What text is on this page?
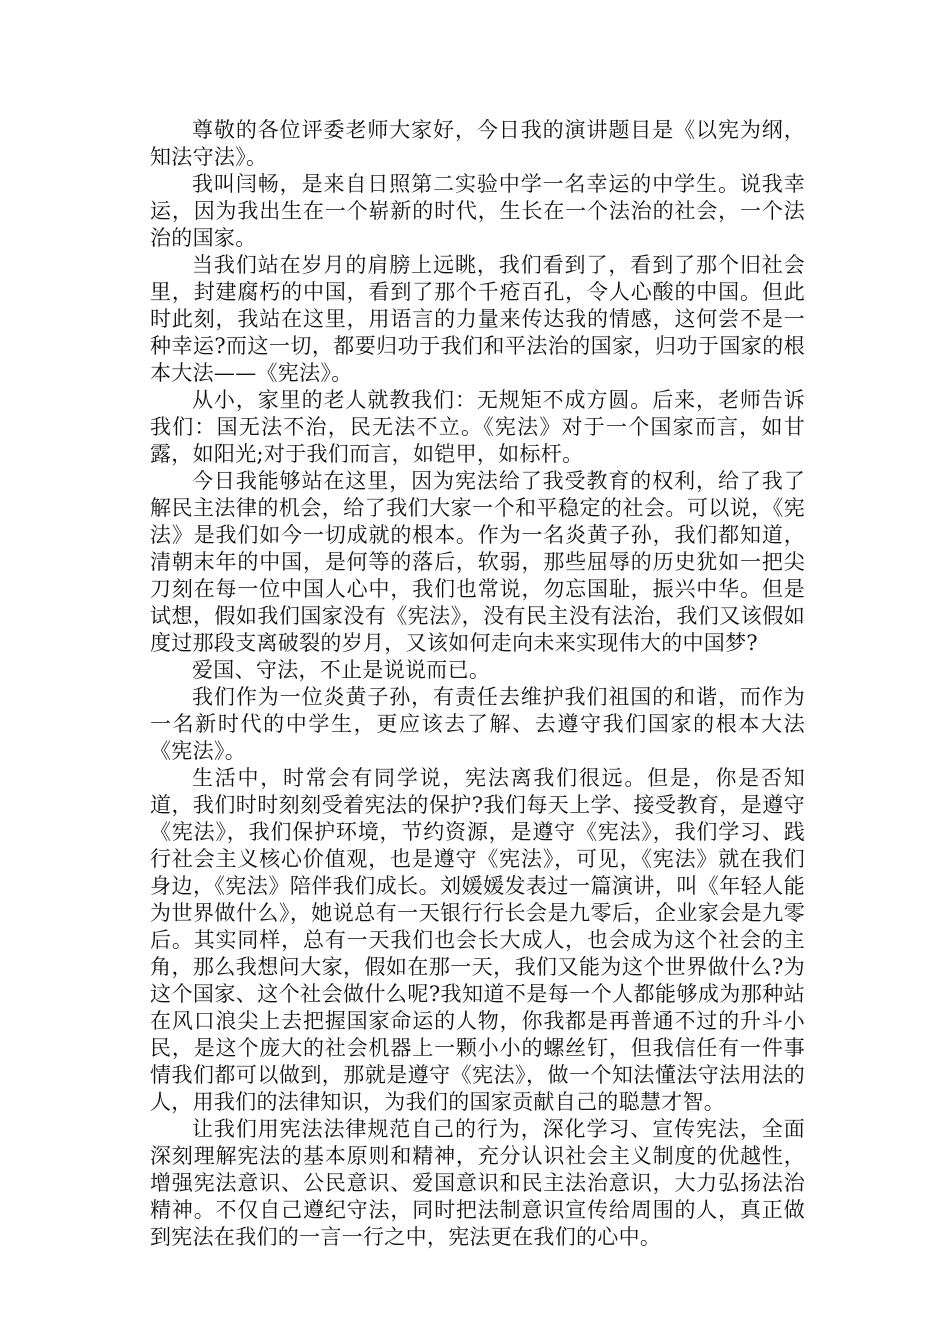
尊敬的各位评委老师大家好，今日我的演讲题目是《以宪为纲，知法守法》。

我叫闫畅，是来自日照第二实验中学一名幸运的中学生。说我幸运，因为我出生在一个崭新的时代，生长在一个法治的社会，一个法治的国家。

当我们站在岁月的肩膀上远眺，我们看到了，看到了那个旧社会里，封建腐朽的中国，看到了那个千疮百孔，令人心酸的中国。但此时此刻，我站在这里，用语言的力量来传达我的情感，这何尝不是一种幸运?而这一切，都要归功于我们和平法治的国家，归功于国家的根本大法——《宪法》。

从小，家里的老人就教我们：无规矩不成方圆。后来，老师告诉我们：国无法不治，民无法不立。《宪法》对于一个国家而言，如甘露，如阳光;对于我们而言，如铠甲，如标杆。

今日我能够站在这里，因为宪法给了我受教育的权利，给了我了解民主法律的机会，给了我们大家一个和平稳定的社会。可以说，《宪法》是我们如今一切成就的根本。作为一名炎黄子孙，我们都知道，清朝末年的中国，是何等的落后，软弱，那些屈辱的历史犹如一把尖刀刻在每一位中国人心中，我们也常说，勿忘国耻，振兴中华。但是试想，假如我们国家没有《宪法》，没有民主没有法治，我们又该假如度过那段支离破裂的岁月，又该如何走向未来实现伟大的中国梦?

爱国、守法，不止是说说而已。

我们作为一位炎黄子孙，有责任去维护我们祖国的和谐，而作为一名新时代的中学生，更应该去了解、去遵守我们国家的根本大法《宪法》。

生活中，时常会有同学说，宪法离我们很远。但是，你是否知道，我们时时刻刻受着宪法的保护?我们每天上学、接受教育，是遵守《宪法》，我们保护环境，节约资源，是遵守《宪法》，我们学习、践行社会主义核心价值观，也是遵守《宪法》，可见，《宪法》就在我们身边，《宪法》陪伴我们成长。刘媛媛发表过一篇演讲，叫《年轻人能为世界做什么》，她说总有一天银行行长会是九零后，企业家会是九零后。其实同样，总有一天我们也会长大成人，也会成为这个社会的主角，那么我想问大家，假如在那一天，我们又能为这个世界做什么?为这个国家、这个社会做什么呢?我知道不是每一个人都能够成为那种站在风口浪尖上去把握国家命运的人物，你我都是再普通不过的升斗小民，是这个庞大的社会机器上一颗小小的螺丝钉，但我信任有一件事情我们都可以做到，那就是遵守《宪法》，做一个知法懂法守法用法的人，用我们的法律知识，为我们的国家贡献自己的聪慧才智。

让我们用宪法法律规范自己的行为，深化学习、宣传宪法，全面深刻理解宪法的基本原则和精神，充分认识社会主义制度的优越性，增强宪法意识、公民意识、爱国意识和民主法治意识，大力弘扬法治精神。不仅自己遵纪守法，同时把法制意识宣传给周围的人，真正做到宪法在我们的一言一行之中，宪法更在我们的心中。
